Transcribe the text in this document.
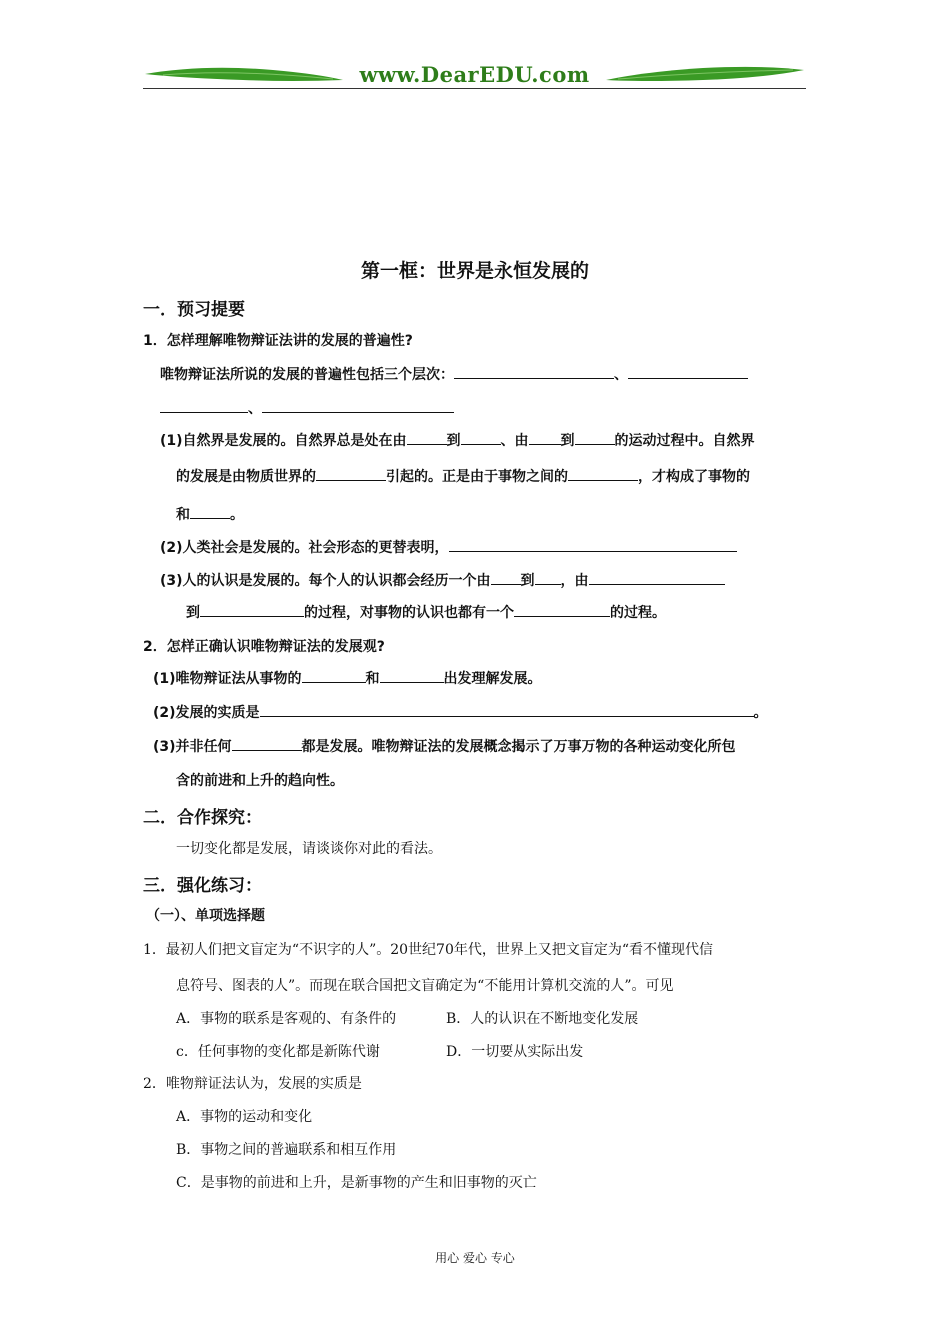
www.DearEDU.com
第一框：世界是永恒发展的
一．预习提要
1．怎样理解唯物辩证法讲的发展的普遍性?
唯物辩证法所说的发展的普遍性包括三个层次：	、
、
(1)自然界是发展的。自然界总是处在由	到	、由 到	的运动过程中。自然界
的发展是由物质世界的	引起的。正是由于事物之间的	，才构成了事物的
和	。
(2)人类社会是发展的。社会形态的更替表明，
(3)人的认识是发展的。每个人的认识都会经历一个由 到 ，由
到	的过程，对事物的认识也都有一个	的过程。
2．怎样正确认识唯物辩证法的发展观?
(1)唯物辩证法从事物的	和	出发理解发展。
(2)发展的实质是	。
(3)并非任何	都是发展。唯物辩证法的发展概念揭示了万事万物的各种运动变化所包
含的前进和上升的趋向性。
二．合作探究：
一切变化都是发展，请谈谈你对此的看法。
三．强化练习：
（一）、单项选择题
1．最初人们把文盲定为“不识字的人”。20世纪70年代，世界上又把文盲定为“看不懂现代信
息符号、图表的人”。而现在联合国把文盲确定为“不能用计算机交流的人”。可见
A．事物的联系是客观的、有条件的	B．人的认识在不断地变化发展
c．任何事物的变化都是新陈代谢	D．一切要从实际出发
2．唯物辩证法认为，发展的实质是
A．事物的运动和变化
B．事物之间的普遍联系和相互作用
C．是事物的前进和上升，是新事物的产生和旧事物的灭亡
用心 爱心 专心
